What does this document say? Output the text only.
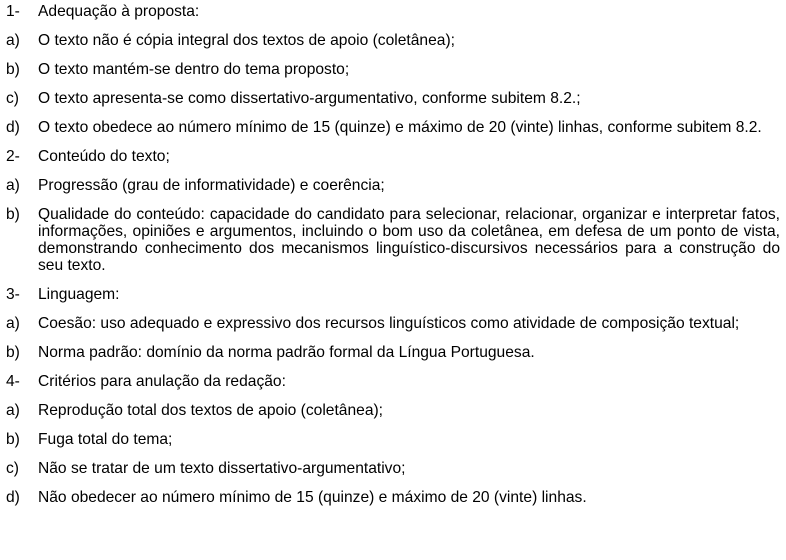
1-	Adequação à proposta:
a)	O texto não é cópia integral dos textos de apoio (coletânea);
b)	O texto mantém-se dentro do tema proposto;
c)	O texto apresenta-se como dissertativo-argumentativo, conforme subitem 8.2.;
d)	O texto obedece ao número mínimo de 15 (quinze) e máximo de 20 (vinte) linhas, conforme subitem 8.2.
2-	Conteúdo do texto;
a)	Progressão (grau de informatividade) e coerência;
b)	Qualidade do conteúdo: capacidade do candidato para selecionar, relacionar, organizar e interpretar fatos, informações, opiniões e argumentos, incluindo o bom uso da coletânea, em defesa de um ponto de vista, demonstrando conhecimento dos mecanismos linguístico-discursivos necessários para a construção do seu texto.
3-	Linguagem:
a)	Coesão: uso adequado e expressivo dos recursos linguísticos como atividade de composição textual;
b)	Norma padrão: domínio da norma padrão formal da Língua Portuguesa.
4-	Critérios para anulação da redação:
a)	Reprodução total dos textos de apoio (coletânea);
b)	Fuga total do tema;
c)	Não se tratar de um texto dissertativo-argumentativo;
d)	Não obedecer ao número mínimo de 15 (quinze) e máximo de 20 (vinte) linhas.
